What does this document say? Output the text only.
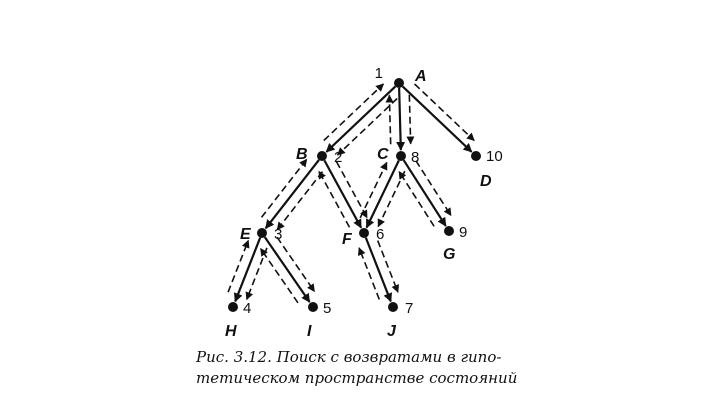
1 A
2
B	8
C	10
D
3
E	6
F	9
G
4
H
5
I
7
J
Рис. 3.12. Поиск с возвратами в гипо-
тетическом пространстве состояний
